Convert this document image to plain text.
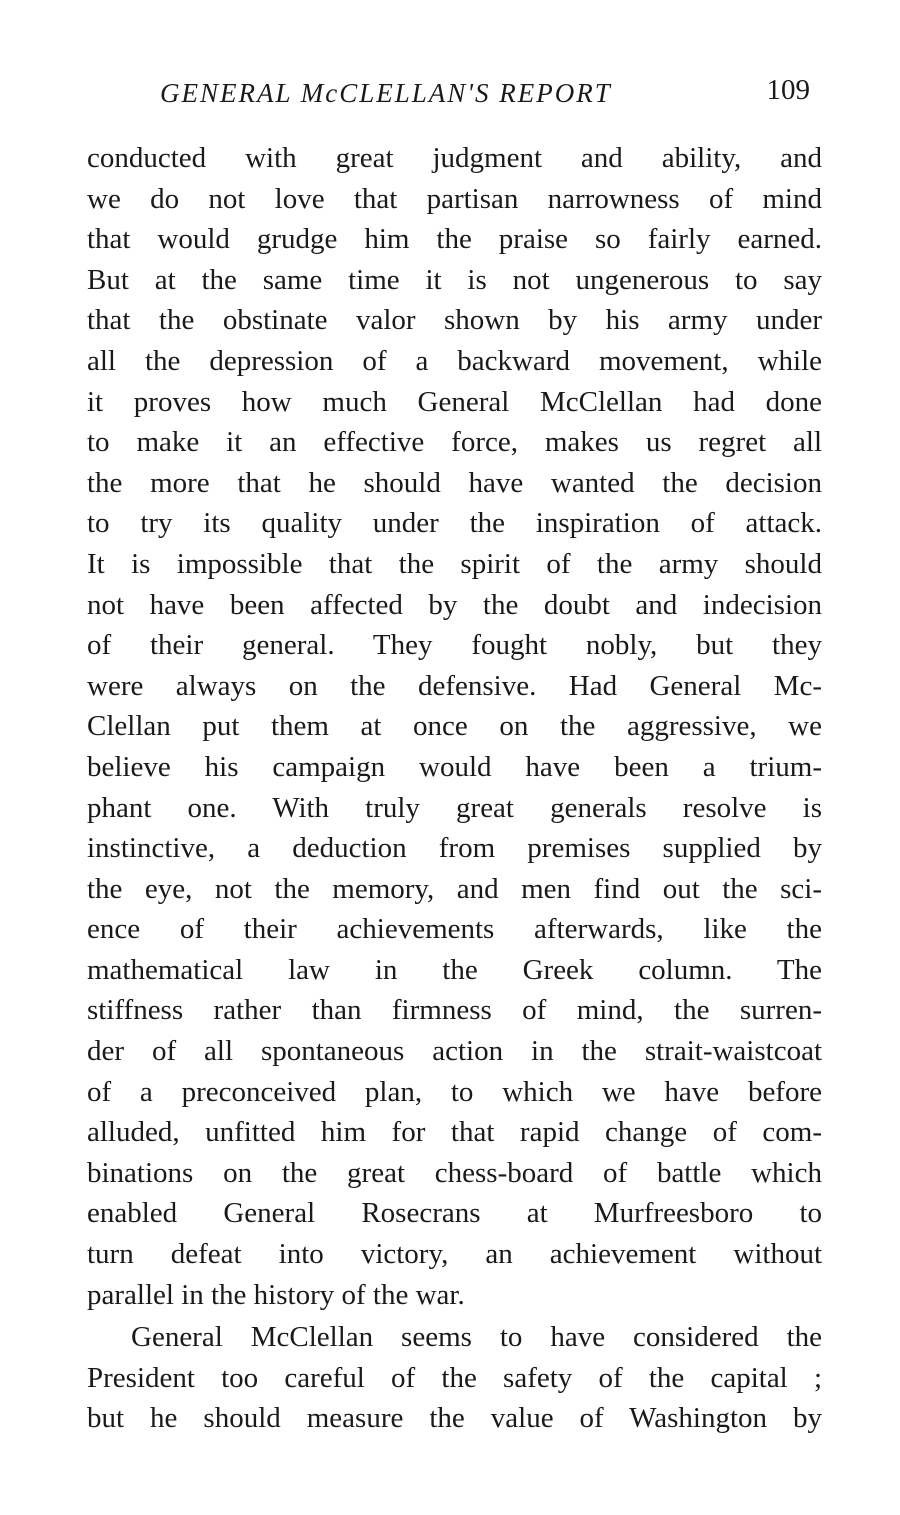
GENERAL McCLELLAN'S REPORT	109
conducted with great judgment and ability, and
we do not love that partisan narrowness of mind
that would grudge him the praise so fairly earned.
But at the same time it is not ungenerous to say
that the obstinate valor shown by his army under
all the depression of a backward movement, while
it proves how much General McClellan had done
to make it an effective force, makes us regret all
the more that he should have wanted the decision
to try its quality under the inspiration of attack.
It is impossible that the spirit of the army should
not have been affected by the doubt and indecision
of their general. They fought nobly, but they
were always on the defensive. Had General Mc-
Clellan put them at once on the aggressive, we
believe his campaign would have been a trium-
phant one. With truly great generals resolve is
instinctive, a deduction from premises supplied by
the eye, not the memory, and men find out the sci-
ence of their achievements afterwards, like the
mathematical law in the Greek column. The
stiffness rather than firmness of mind, the surren-
der of all spontaneous action in the strait-waistcoat
of a preconceived plan, to which we have before
alluded, unfitted him for that rapid change of com-
binations on the great chess-board of battle which
enabled General Rosecrans at Murfreesboro to
turn defeat into victory, an achievement without
parallel in the history of the war.
General McClellan seems to have considered the
President too careful of the safety of the capital ;
but he should measure the value of Washington by
